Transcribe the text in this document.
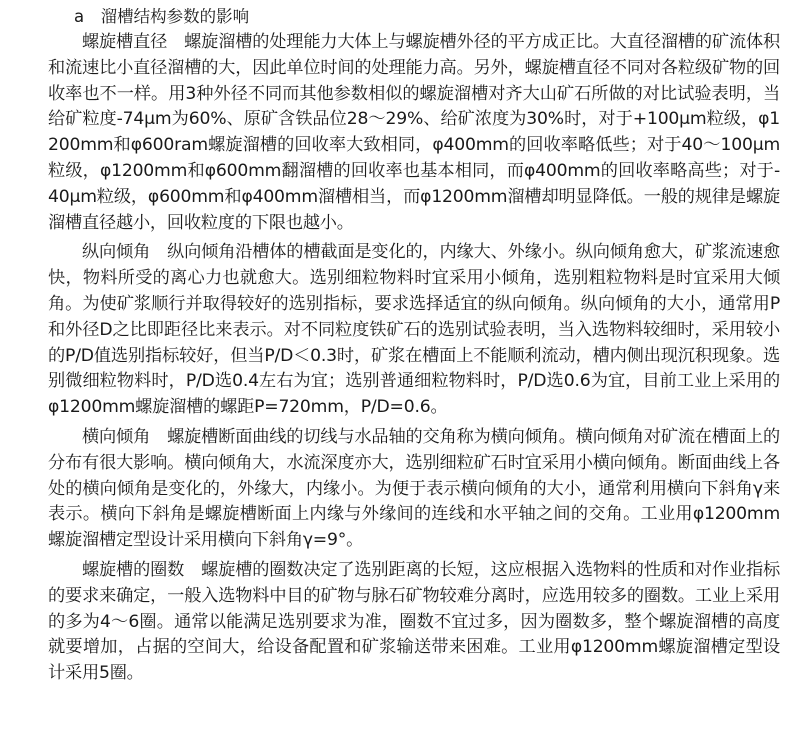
a　溜槽结构参数的影响

螺旋槽直径　螺旋溜槽的处理能力大体上与螺旋槽外径的平方成正比。大直径溜槽的矿流体积和流速比小直径溜槽的大，因此单位时间的处理能力高。另外，螺旋槽直径不同对各粒级矿物的回收率也不一样。用3种外径不同而其他参数相似的螺旋溜槽对齐大山矿石所做的对比试验表明，当给矿粒度-74μm为60%、原矿含铁品位28～29%、给矿浓度为30%时，对于+100μm粒级，φ1200mm和φ600ram螺旋溜槽的回收率大致相同，φ400mm的回收率略低些；对于40～100μm粒级，φ1200mm和φ600mm翻溜槽的回收率也基本相同，而φ400mm的回收率略高些；对于-40μm粒级，φ600mm和φ400mm溜槽相当，而φ1200mm溜槽却明显降低。一般的规律是螺旋溜槽直径越小，回收粒度的下限也越小。

纵向倾角　纵向倾角沿槽体的槽截面是变化的，内缘大、外缘小。纵向倾角愈大，矿浆流速愈快，物料所受的离心力也就愈大。选别细粒物料时宜采用小倾角，选别粗粒物料是时宜采用大倾角。为使矿浆顺行并取得较好的选别指标，要求选择适宜的纵向倾角。纵向倾角的大小，通常用P和外径D之比即距径比来表示。对不同粒度铁矿石的选别试验表明，当入选物料较细时，采用较小的P/D值选别指标较好，但当P/D＜0.3时，矿浆在槽面上不能顺利流动，槽内侧出现沉积现象。选别微细粒物料时，P/D选0.4左右为宜；选别普通细粒物料时，P/D选0.6为宜，目前工业上采用的φ1200mm螺旋溜槽的螺距P=720mm，P/D=0.6。

横向倾角　螺旋槽断面曲线的切线与水品轴的交角称为横向倾角。横向倾角对矿流在槽面上的分布有很大影响。横向倾角大，水流深度亦大，选别细粒矿石时宜采用小横向倾角。断面曲线上各处的横向倾角是变化的，外缘大，内缘小。为便于表示横向倾角的大小，通常利用横向下斜角γ来表示。横向下斜角是螺旋槽断面上内缘与外缘间的连线和水平轴之间的交角。工业用φ1200mm螺旋溜槽定型设计采用横向下斜角γ=9°。

螺旋槽的圈数　螺旋槽的圈数决定了选别距离的长短，这应根据入选物料的性质和对作业指标的要求来确定，一般入选物料中目的矿物与脉石矿物较难分离时，应选用较多的圈数。工业上采用的多为4～6圈。通常以能满足选别要求为准，圈数不宜过多，因为圈数多，整个螺旋溜槽的高度就要增加，占据的空间大，给设备配置和矿浆输送带来困难。工业用φ1200mm螺旋溜槽定型设计采用5圈。
